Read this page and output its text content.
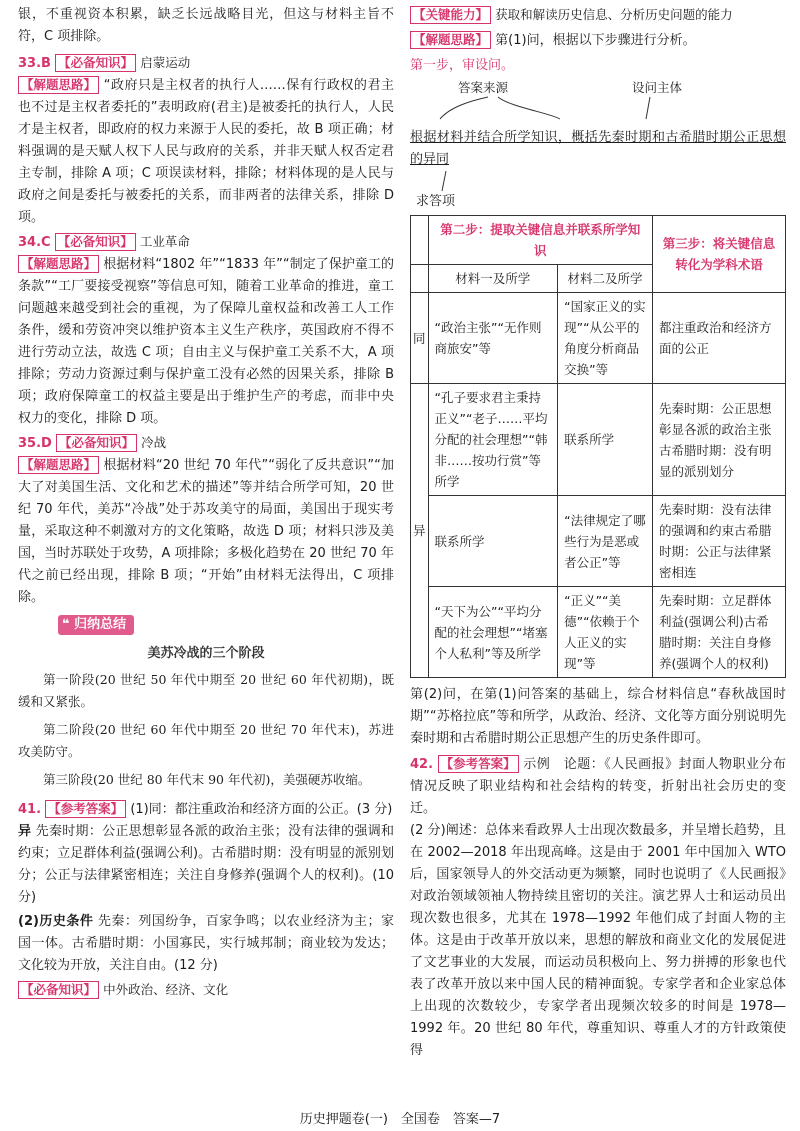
银，不重视资本积累，缺乏长远战略目光，但这与材料主旨不符，C 项排除。

33.B 【必备知识】 启蒙运动

【解题思路】 “政府只是主权者的执行人……保有行政权的君主也不过是主权者委托的”表明政府(君主)是被委托的执行人，人民才是主权者，即政府的权力来源于人民的委托，故 B 项正确；材料强调的是天赋人权下人民与政府的关系，并非天赋人权否定君主专制，排除 A 项；C 项误读材料，排除；材料体现的是人民与政府之间是委托与被委托的关系，而非两者的法律关系，排除 D 项。

34.C 【必备知识】 工业革命

【解题思路】 根据材料“1802 年”“1833 年”“制定了保护童工的条款”“工厂要接受视察”等信息可知，随着工业革命的推进，童工问题越来越受到社会的重视，为了保障儿童权益和改善工人工作条件，缓和劳资冲突以维护资本主义生产秩序，英国政府不得不进行劳动立法，故选 C 项；自由主义与保护童工关系不大，A 项排除；劳动力资源过剩与保护童工没有必然的因果关系，排除 B 项；政府保障童工的权益主要是出于维护生产的考虑，而非中央权力的变化，排除 D 项。

35.D 【必备知识】 冷战

【解题思路】 根据材料“20 世纪 70 年代”“弱化了反共意识”“加大了对美国生活、文化和艺术的描述”等并结合所学可知，20 世纪 70 年代，美苏“冷战”处于苏攻美守的局面，美国出于现实考量，采取这种不刺激对方的文化策略，故选 D 项；材料只涉及美国，当时苏联处于攻势，A 项排除；多极化趋势在 20 世纪 70 年代之前已经出现，排除 B 项；“开始”由材料无法得出，C 项排除。

❝ 归纳总结

美苏冷战的三个阶段

第一阶段(20 世纪 50 年代中期至 20 世纪 60 年代初期)，既缓和又紧张。

第二阶段(20 世纪 60 年代中期至 20 世纪 70 年代末)，苏进攻美防守。

第三阶段(20 世纪 80 年代末 90 年代初)，美强硬苏收缩。

41. 【参考答案】 (1)同：都注重政治和经济方面的公正。(3 分)

异 先秦时期：公正思想彰显各派的政治主张；没有法律的强调和约束；立足群体利益(强调公利)。古希腊时期：没有明显的派别划分；公正与法律紧密相连；关注自身修养(强调个人的权利)。(10 分)

(2)历史条件 先秦：列国纷争，百家争鸣；以农业经济为主；家国一体。古希腊时期：小国寡民，实行城邦制；商业较为发达；文化较为开放，关注自由。(12 分)

【必备知识】 中外政治、经济、文化

【关键能力】 获取和解读历史信息、分析历史问题的能力

【解题思路】 第(1)问，根据以下步骤进行分析。

第一步，审设问。

答案来源	设问主体

根据材料并结合所学知识，概括先秦时期和古希腊时期公正思想的异同

求答项
	第二步：提取关键信息并联系所学知识		第三步：将关键信息转化为学科术语
	材料一及所学	材料二及所学	
同	“政治主张”“无作则商旅安”等	“国家正义的实现”“从公平的角度分析商品交换”等	都注重政治和经济方面的公正
异	“孔子要求君主秉持正义”“老子……平均分配的社会理想”“韩非……按功行赏”等所学	联系所学	先秦时期：公正思想彰显各派的政治主张古希腊时期：没有明显的派别划分
	联系所学	“法律规定了哪些行为是恶或者公正”等	先秦时期：没有法律的强调和约束古希腊时期：公正与法律紧密相连
	“天下为公”“平均分配的社会理想”“堵塞个人私利”等及所学	“正义”“美德”“依赖于个人正义的实现”等	先秦时期：立足群体利益(强调公利)古希腊时期：关注自身修养(强调个人的权利)

第(2)问，在第(1)问答案的基础上，综合材料信息“春秋战国时期”“苏格拉底”等和所学，从政治、经济、文化等方面分别说明先秦时期和古希腊时期公正思想产生的历史条件即可。

42. 【参考答案】 示例　论题：《人民画报》封面人物职业分布情况反映了职业结构和社会结构的转变，折射出社会历史的变迁。

(2 分)阐述：总体来看政界人士出现次数最多，并呈增长趋势，且在 2002—2018 年出现高峰。这是由于 2001 年中国加入 WTO 后，国家领导人的外交活动更为频繁，同时也说明了《人民画报》对政治领域领袖人物持续且密切的关注。演艺界人士和运动员出现次数也很多，尤其在 1978—1992 年他们成了封面人物的主体。这是由于改革开放以来，思想的解放和商业文化的发展促进了文艺事业的大发展，而运动员积极向上、努力拼搏的形象也代表了改革开放以来中国人民的精神面貌。专家学者和企业家总体上出现的次数较少，专家学者出现频次较多的时间是 1978—1992 年。20 世纪 80 年代，尊重知识、尊重人才的方针政策使得

历史押题卷(一)　全国卷　答案—7
